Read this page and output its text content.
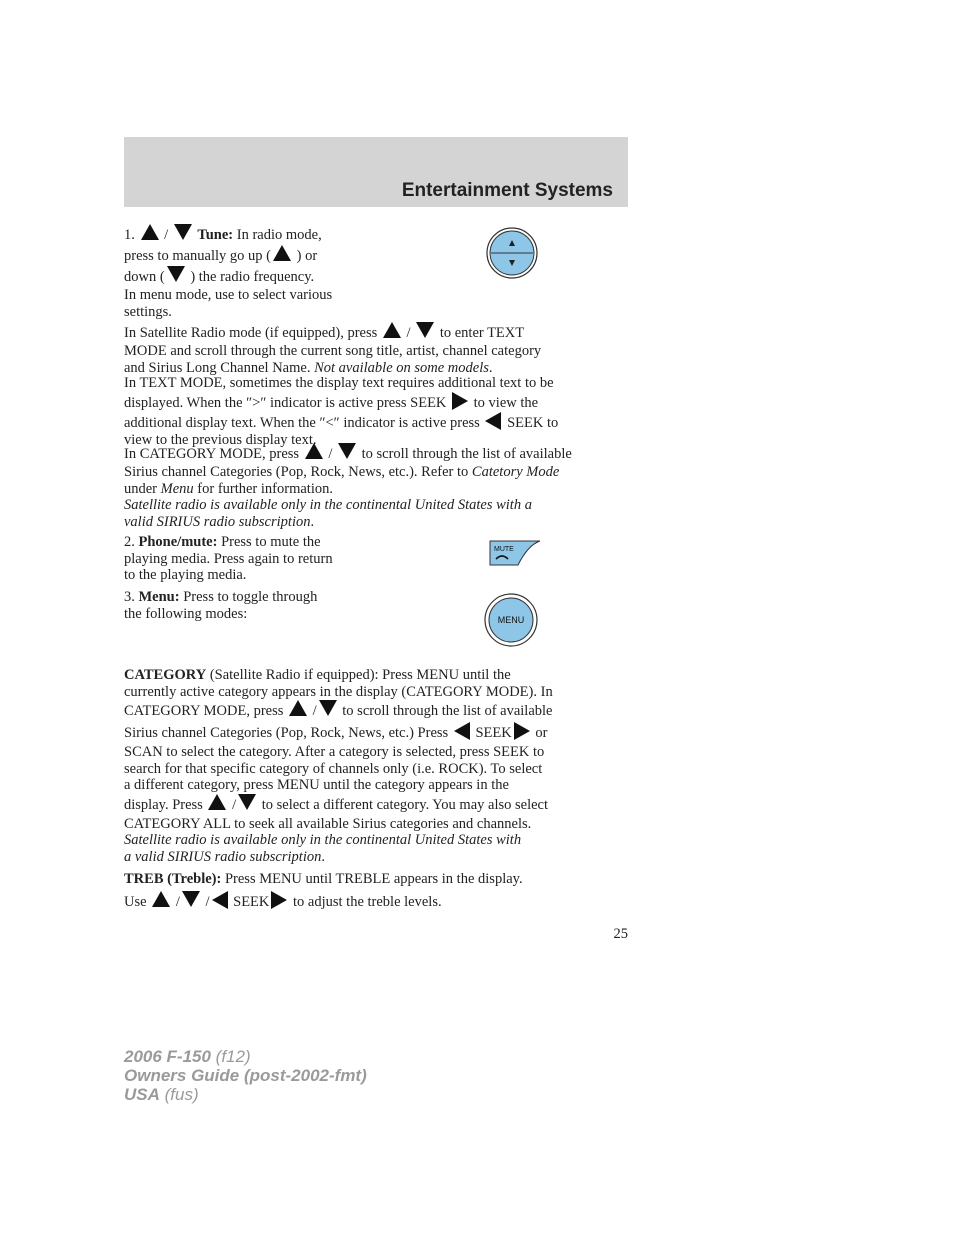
Entertainment Systems
1.  /  Tune: In radio mode,
press to manually go up ( ) or
down ( ) the radio frequency.
In menu mode, use to select various
settings.
In Satellite Radio mode (if equipped), press  /  to enter TEXT
MODE and scroll through the current song title, artist, channel category
and Sirius Long Channel Name. Not available on some models.
In TEXT MODE, sometimes the display text requires additional text to be
displayed. When the ″>″ indicator is active press SEEK  to view the
additional display text. When the ″<″ indicator is active press  SEEK to
view to the previous display text.
In CATEGORY MODE, press  /  to scroll through the list of available
Sirius channel Categories (Pop, Rock, News, etc.). Refer to Catetory Mode
under Menu for further information.
Satellite radio is available only in the continental United States with a
valid SIRIUS radio subscription.
2. Phone/mute: Press to mute the
playing media. Press again to return
to the playing media.
MUTE
3. Menu: Press to toggle through
the following modes:	MENU
CATEGORY (Satellite Radio if equipped): Press MENU until the
currently active category appears in the display (CATEGORY MODE). In
CATEGORY MODE, press  / to scroll through the list of available
Sirius channel Categories (Pop, Rock, News, etc.) Press  SEEK or
SCAN to select the category. After a category is selected, press SEEK to
search for that specific category of channels only (i.e. ROCK). To select
a different category, press MENU until the category appears in the
display. Press  / to select a different category. You may also select
CATEGORY ALL to seek all available Sirius categories and channels.
Satellite radio is available only in the continental United States with
a valid SIRIUS radio subscription.
TREB (Treble): Press MENU until TREBLE appears in the display.
Use  / / SEEK to adjust the treble levels.
25
2006 F-150 (f12)
Owners Guide (post-2002-fmt)
USA (fus)
